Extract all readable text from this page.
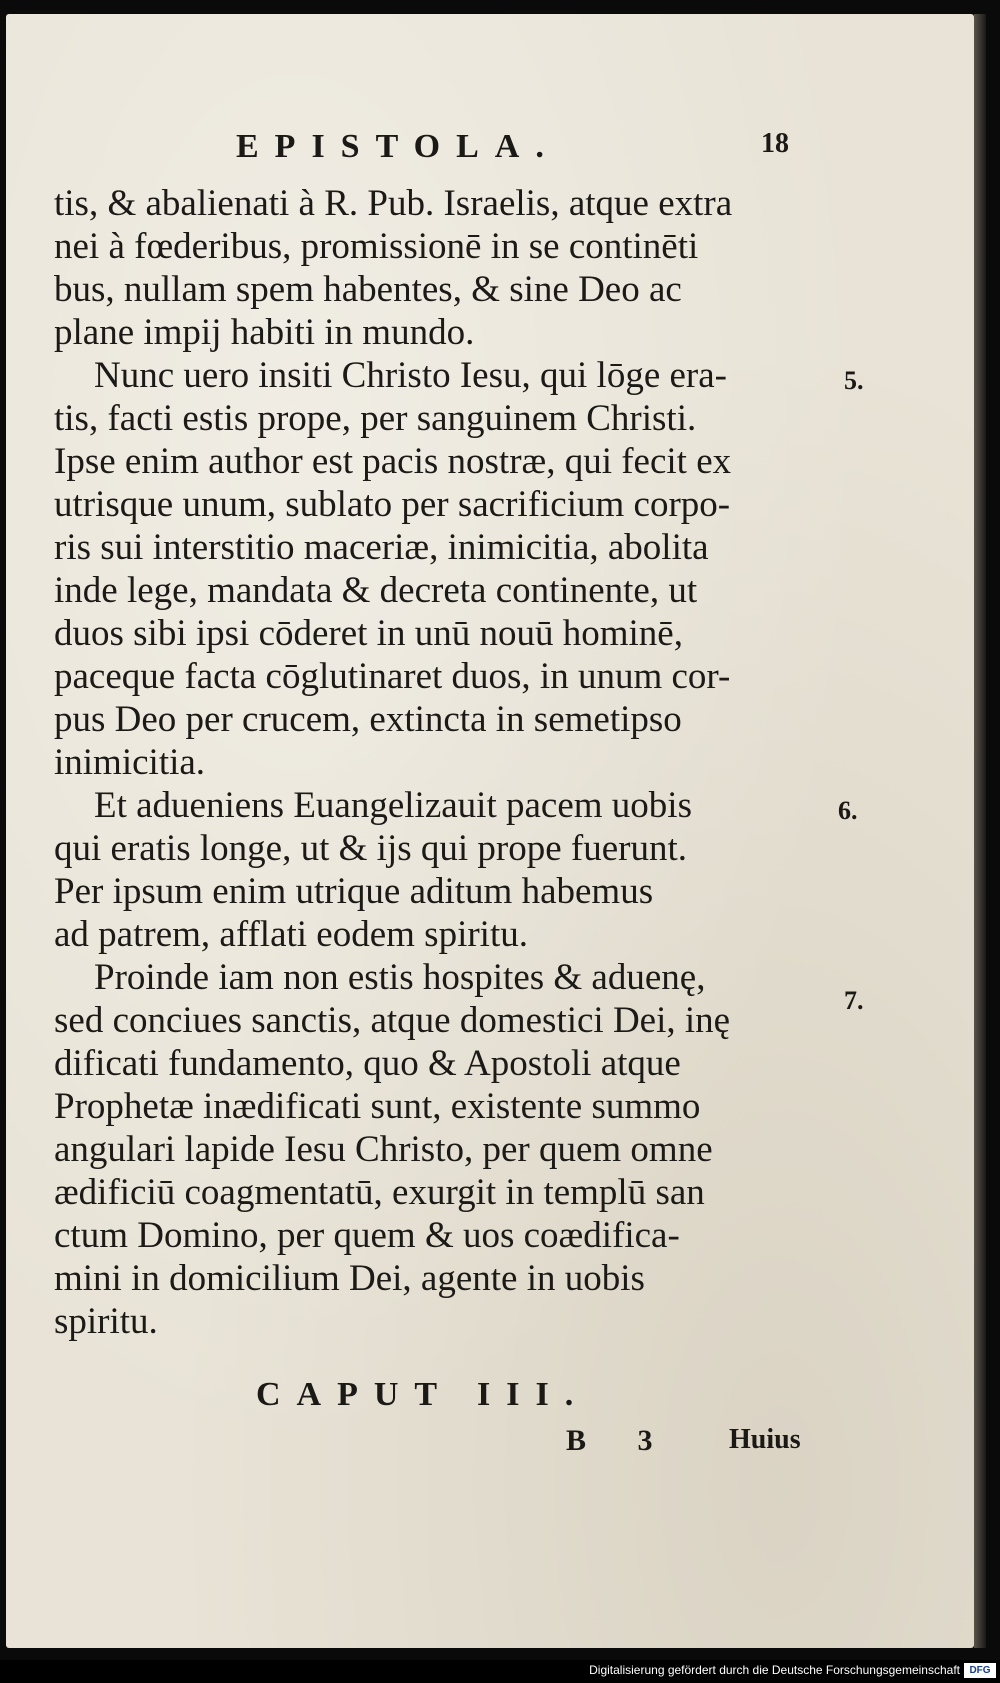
EPISTOLA.	18

tis, & abalienati à R. Pub. Israelis, atque extra
nei à fœderibus, promissionē in se continēti
bus, nullam spem habentes, & sine Deo ac
plane impij habiti in mundo.

Nunc uero insiti Christo Iesu, qui lōge era-
tis, facti estis prope, per sanguinem Christi.
Ipse enim author est pacis nostræ, qui fecit ex
utrisque unum, sublato per sacrificium corpo-
ris sui interstitio maceriæ, inimicitia, abolita
inde lege, mandata & decreta continente, ut
duos sibi ipsi cōderet in unū nouū hominē,
paceque facta cōglutinaret duos, in unum cor-
pus Deo per crucem, extincta in semetipso
inimicitia.

Et adueniens Euangelizauit pacem uobis
qui eratis longe, ut & ijs qui prope fuerunt.
Per ipsum enim utrique aditum habemus
ad patrem, afflati eodem spiritu.

Proinde iam non estis hospites & aduenę,
sed conciues sanctis, atque domestici Dei, inę
dificati fundamento, quo & Apostoli atque
Prophetæ inædificati sunt, existente summo
angulari lapide Iesu Christo, per quem omne
ædificiū coagmentatū, exurgit in templū san
ctum Domino, per quem & uos coædifica-
mini in domicilium Dei, agente in uobis
spiritu.

5.
6.
7.
CAPUT III.
B 3 Huius
Digitalisierung gefördert durch die Deutsche Forschungsgemeinschaft DFG
